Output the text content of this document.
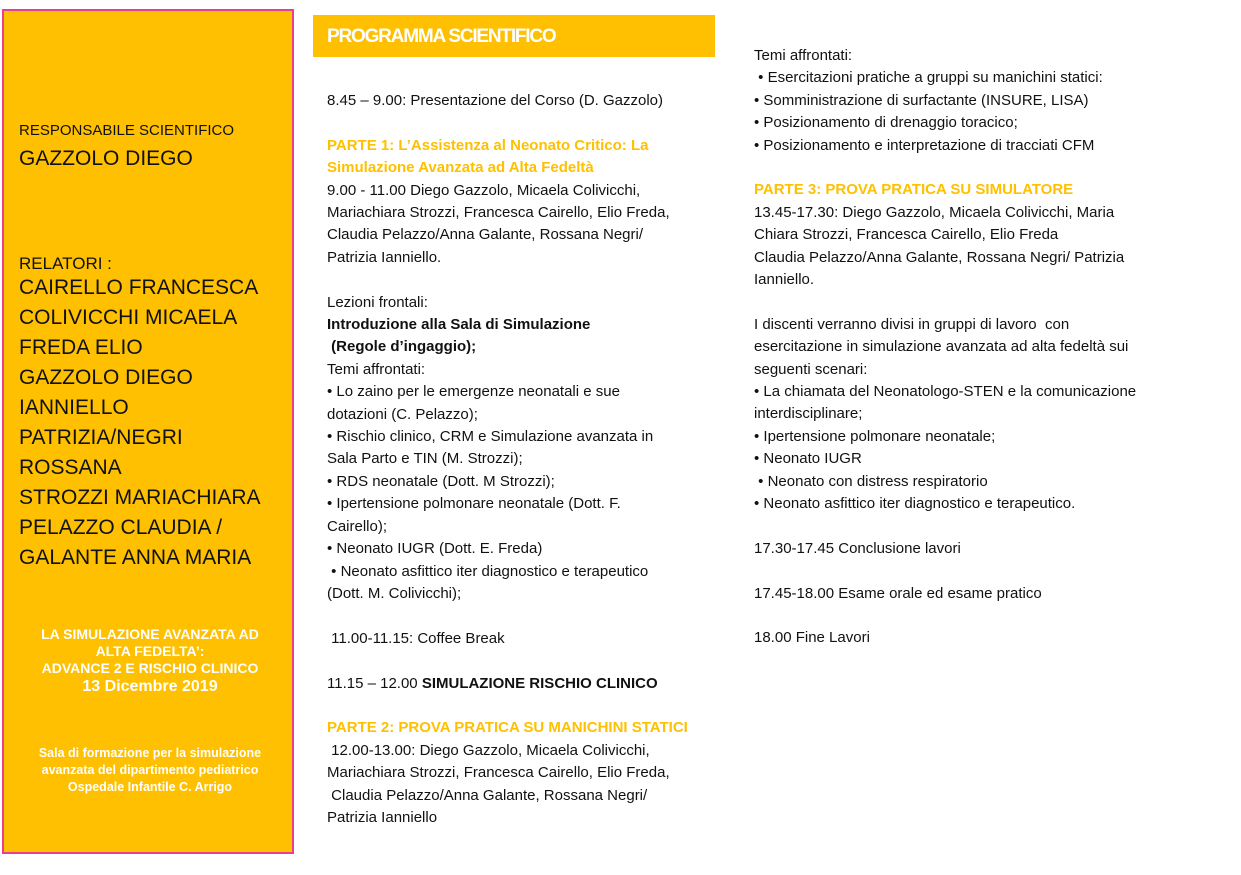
RESPONSABILE SCIENTIFICO
GAZZOLO DIEGO
RELATORI :
CAIRELLO FRANCESCA
COLIVICCHI MICAELA
FREDA ELIO
GAZZOLO DIEGO
IANNIELLO
PATRIZIA/NEGRI
ROSSANA
STROZZI MARIACHIARA
PELAZZO CLAUDIA /
GALANTE ANNA MARIA
LA SIMULAZIONE AVANZATA AD
ALTA FEDELTA’:
ADVANCE 2 E RISCHIO CLINICO
13 Dicembre 2019
Sala di formazione per la simulazione
avanzata del dipartimento pediatrico
Ospedale Infantile C. Arrigo
PROGRAMMA SCIENTIFICO
8.45 – 9.00: Presentazione del Corso (D. Gazzolo)
PARTE 1: L’Assistenza al Neonato Critico: La
Simulazione Avanzata ad Alta Fedeltà
9.00 - 11.00 Diego Gazzolo, Micaela Colivicchi,
Mariachiara Strozzi, Francesca Cairello, Elio Freda,
Claudia Pelazzo/Anna Galante, Rossana Negri/
Patrizia Ianniello.
Lezioni frontali:
Introduzione alla Sala di Simulazione
(Regole d’ingaggio);
Temi affrontati:
• Lo zaino per le emergenze neonatali e sue
dotazioni (C. Pelazzo);
• Rischio clinico, CRM e Simulazione avanzata in
Sala Parto e TIN (M. Strozzi);
• RDS neonatale (Dott. M Strozzi);
• Ipertensione polmonare neonatale (Dott. F.
Cairello);
• Neonato IUGR (Dott. E. Freda)
• Neonato asfittico iter diagnostico e terapeutico
(Dott. M. Colivicchi);
11.00-11.15: Coffee Break
11.15 – 12.00 SIMULAZIONE RISCHIO CLINICO
PARTE 2: PROVA PRATICA SU MANICHINI STATICI
12.00-13.00: Diego Gazzolo, Micaela Colivicchi,
Mariachiara Strozzi, Francesca Cairello, Elio Freda,
Claudia Pelazzo/Anna Galante, Rossana Negri/
Patrizia Ianniello
Temi affrontati:
• Esercitazioni pratiche a gruppi su manichini statici:
• Somministrazione di surfactante (INSURE, LISA)
• Posizionamento di drenaggio toracico;
• Posizionamento e interpretazione di tracciati CFM
PARTE 3: PROVA PRATICA SU SIMULATORE
13.45-17.30: Diego Gazzolo, Micaela Colivicchi, Maria
Chiara Strozzi, Francesca Cairello, Elio Freda
Claudia Pelazzo/Anna Galante, Rossana Negri/ Patrizia
Ianniello.
I discenti verranno divisi in gruppi di lavoro  con
esercitazione in simulazione avanzata ad alta fedeltà sui
seguenti scenari:
• La chiamata del Neonatologo-STEN e la comunicazione
interdisciplinare;
• Ipertensione polmonare neonatale;
• Neonato IUGR
• Neonato con distress respiratorio
• Neonato asfittico iter diagnostico e terapeutico.
17.30-17.45 Conclusione lavori
17.45-18.00 Esame orale ed esame pratico
18.00 Fine Lavori
